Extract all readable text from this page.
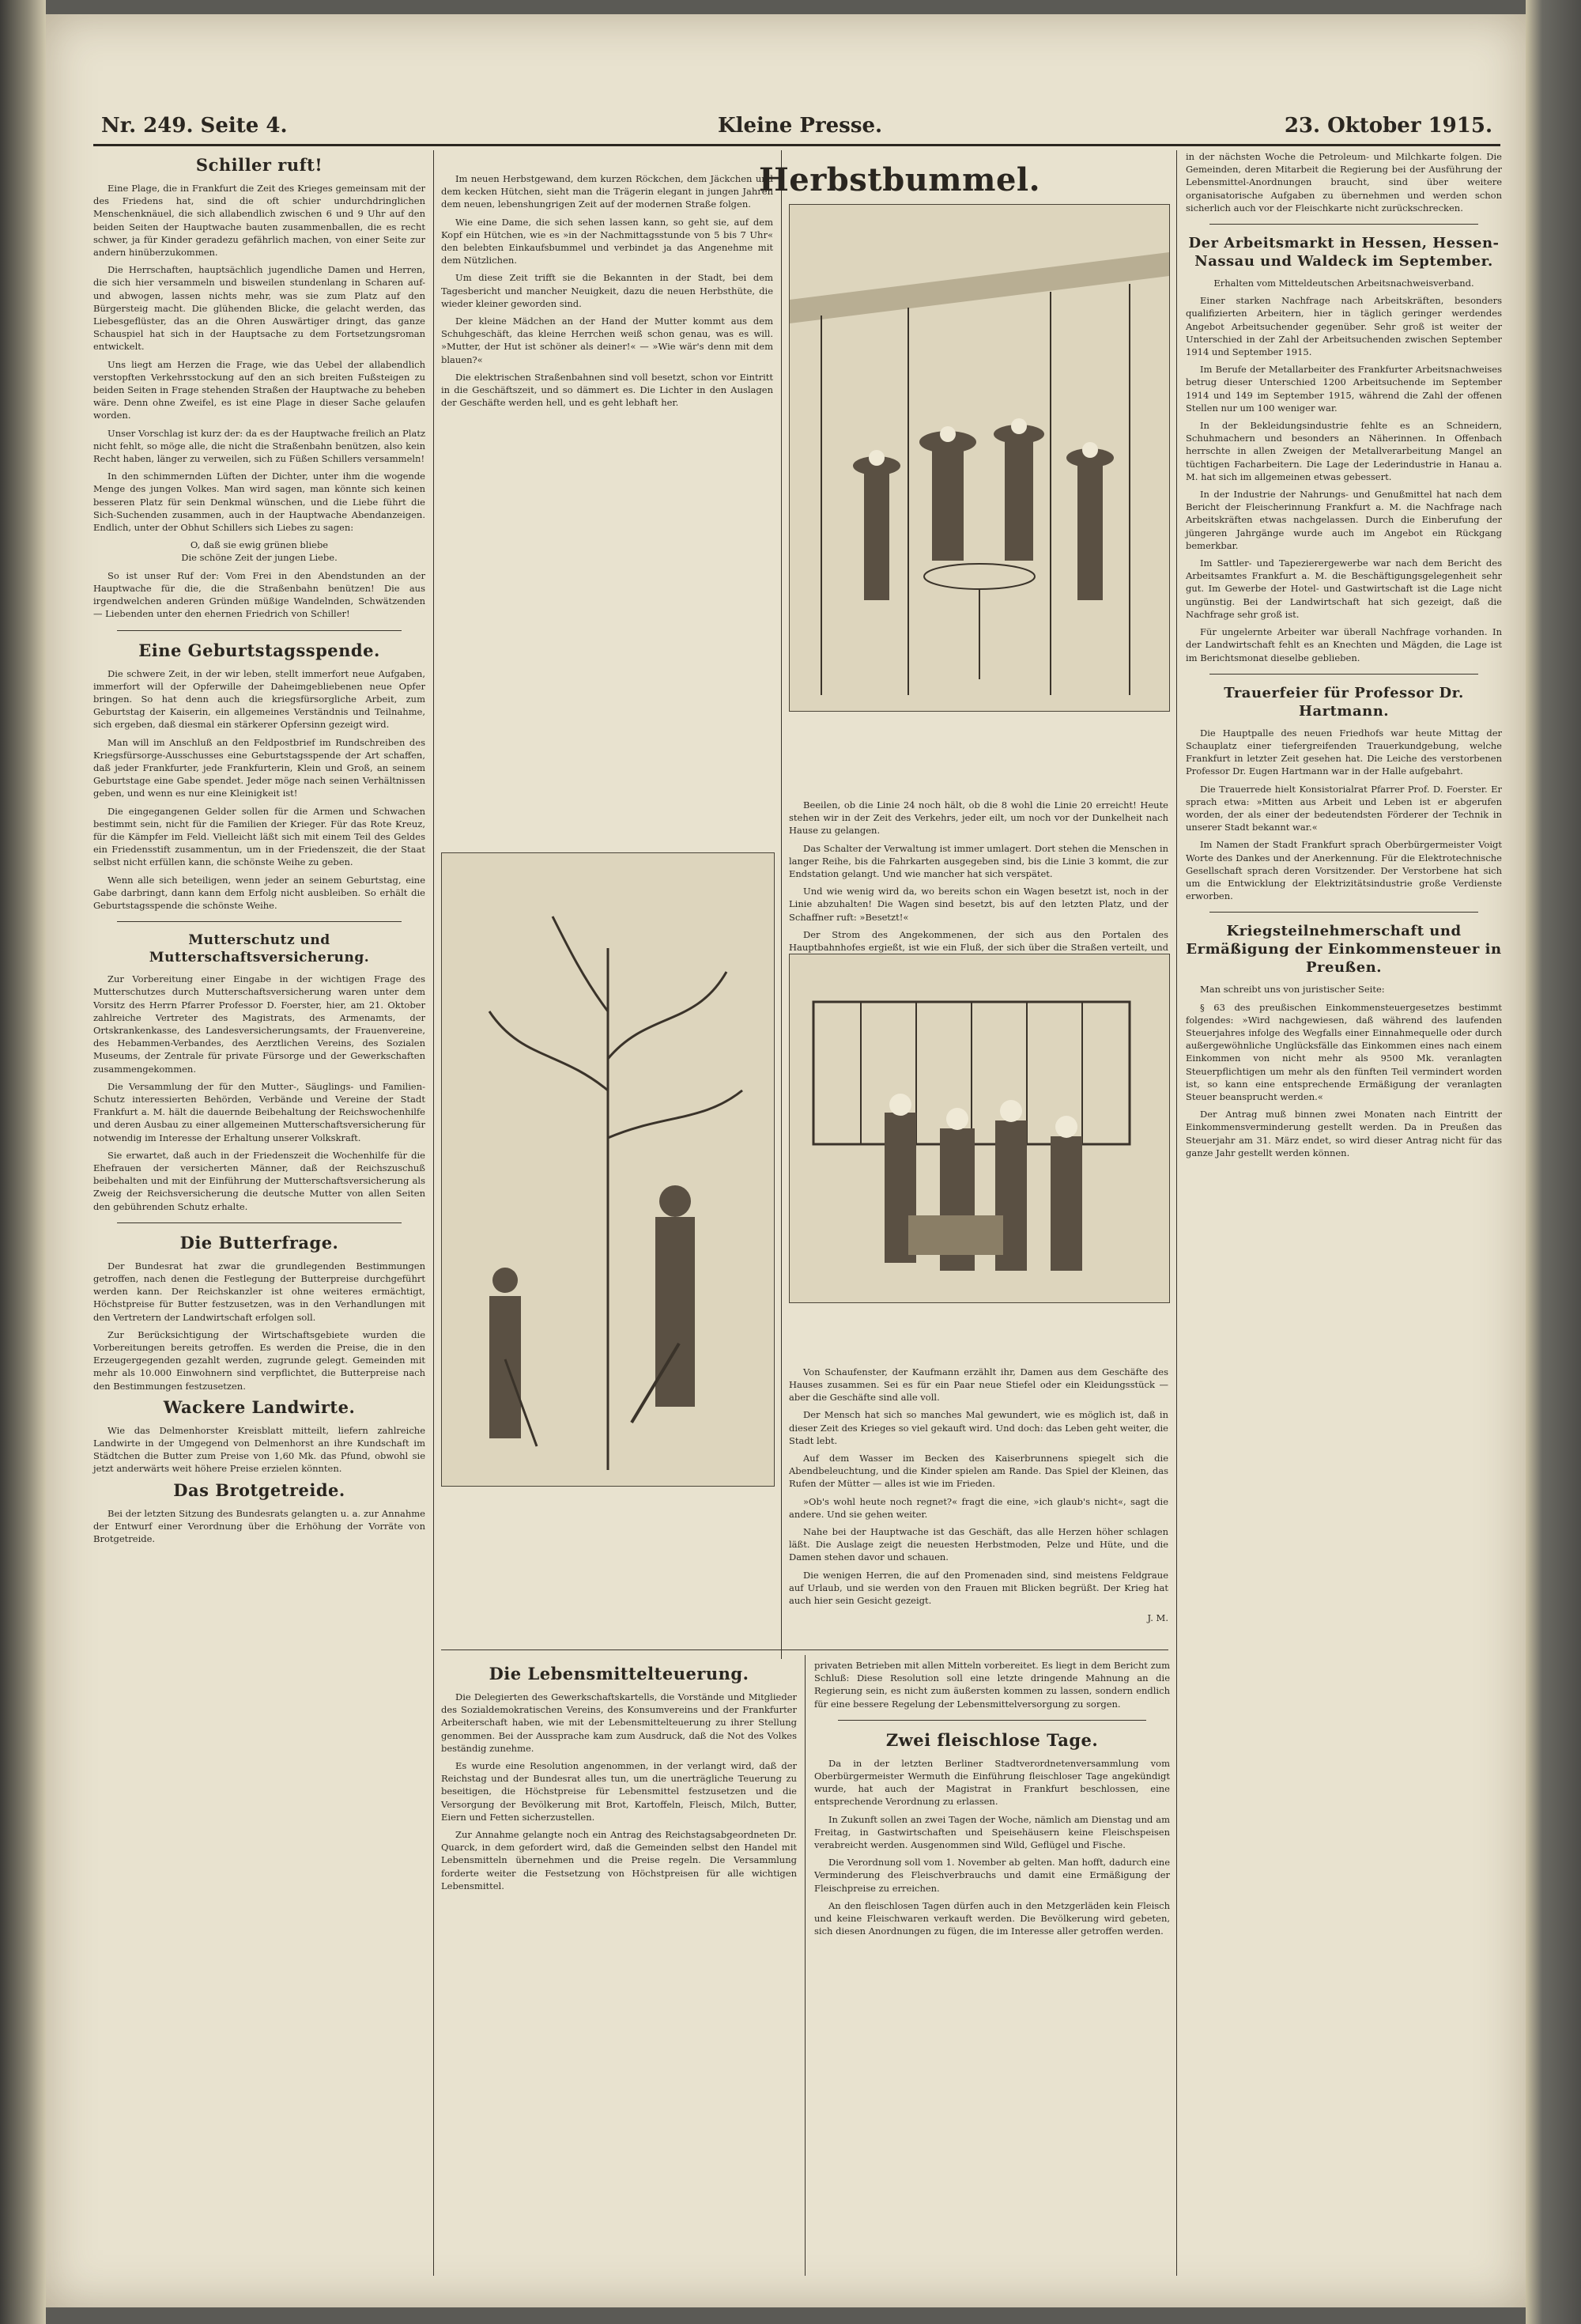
Nr. 249. Seite 4.	Kleine Presse.	23. Oktober 1915.
Schiller ruft!

Eine Plage, die in Frankfurt die Zeit des Krieges gemeinsam mit der des Friedens hat, sind die oft schier undurchdringlichen Menschenknäuel, die sich allabendlich zwischen 6 und 9 Uhr auf den beiden Seiten der Hauptwache bauten zusammenballen, die es recht schwer, ja für Kinder geradezu gefährlich machen, von einer Seite zur andern hinüberzukommen.

Die Herrschaften, hauptsächlich jugendliche Damen und Herren, die sich hier versammeln und bisweilen stundenlang in Scharen auf- und abwogen, lassen nichts mehr, was sie zum Platz auf den Bürgersteig macht. Die glühenden Blicke, die gelacht werden, das Liebesgeflüster, das an die Ohren Auswärtiger dringt, das ganze Schauspiel hat sich in der Hauptsache zu dem Fortsetzungsroman entwickelt.

Uns liegt am Herzen die Frage, wie das Uebel der allabendlich verstopften Verkehrsstockung auf den an sich breiten Fußsteigen zu beiden Seiten in Frage stehenden Straßen der Hauptwache zu beheben wäre. Denn ohne Zweifel, es ist eine Plage in dieser Sache gelaufen worden.

Unser Vorschlag ist kurz der: da es der Hauptwache freilich an Platz nicht fehlt, so möge alle, die nicht die Straßenbahn benützen, also kein Recht haben, länger zu verweilen, sich zu Füßen Schillers versammeln!

In den schimmernden Lüften der Dichter, unter ihm die wogende Menge des jungen Volkes. Man wird sagen, man könnte sich keinen besseren Platz für sein Denkmal wünschen, und die Liebe führt die Sich-Suchenden zusammen, auch in der Hauptwache Abendanzeigen. Endlich, unter der Obhut Schillers sich Liebes zu sagen:

O, daß sie ewig grünen bliebe

Die schöne Zeit der jungen Liebe.

So ist unser Ruf der: Vom Frei in den Abendstunden an der Hauptwache für die, die die Straßenbahn benützen! Die aus irgendwelchen anderen Gründen müßige Wandelnden, Schwätzenden — Liebenden unter den ehernen Friedrich von Schiller!

Eine Geburtstagsspende.

Die schwere Zeit, in der wir leben, stellt immerfort neue Aufgaben, immerfort will der Opferwille der Daheimgebliebenen neue Opfer bringen. So hat denn auch die kriegsfürsorgliche Arbeit, zum Geburtstag der Kaiserin, ein allgemeines Verständnis und Teilnahme, sich ergeben, daß diesmal ein stärkerer Opfersinn gezeigt wird.

Man will im Anschluß an den Feldpostbrief im Rundschreiben des Kriegsfürsorge-Ausschusses eine Geburtstagsspende der Art schaffen, daß jeder Frankfurter, jede Frankfurterin, Klein und Groß, an seinem Geburtstage eine Gabe spendet. Jeder möge nach seinen Verhältnissen geben, und wenn es nur eine Kleinigkeit ist!

Die eingegangenen Gelder sollen für die Armen und Schwachen bestimmt sein, nicht für die Familien der Krieger. Für das Rote Kreuz, für die Kämpfer im Feld. Vielleicht läßt sich mit einem Teil des Geldes ein Friedensstift zusammentun, um in der Friedenszeit, die der Staat selbst nicht erfüllen kann, die schönste Weihe zu geben.

Wenn alle sich beteiligen, wenn jeder an seinem Geburtstag, eine Gabe darbringt, dann kann dem Erfolg nicht ausbleiben. So erhält die Geburtstagsspende die schönste Weihe.

Mutterschutz und Mutterschaftsversicherung.

Zur Vorbereitung einer Eingabe in der wichtigen Frage des Mutterschutzes durch Mutterschaftsversicherung waren unter dem Vorsitz des Herrn Pfarrer Professor D. Foerster, hier, am 21. Oktober zahlreiche Vertreter des Magistrats, des Armenamts, der Ortskrankenkasse, des Landesversicherungsamts, der Frauenvereine, des Hebammen-Verbandes, des Aerztlichen Vereins, des Sozialen Museums, der Zentrale für private Fürsorge und der Gewerkschaften zusammengekommen.

Die Versammlung der für den Mutter-, Säuglings- und Familien-Schutz interessierten Behörden, Verbände und Vereine der Stadt Frankfurt a. M. hält die dauernde Beibehaltung der Reichswochenhilfe und deren Ausbau zu einer allgemeinen Mutterschaftsversicherung für notwendig im Interesse der Erhaltung unserer Volkskraft.

Sie erwartet, daß auch in der Friedenszeit die Wochenhilfe für die Ehefrauen der versicherten Männer, daß der Reichszuschuß beibehalten und mit der Einführung der Mutterschaftsversicherung als Zweig der Reichsversicherung die deutsche Mutter von allen Seiten den gebührenden Schutz erhalte.

Die Butterfrage.

Der Bundesrat hat zwar die grundlegenden Bestimmungen getroffen, nach denen die Festlegung der Butterpreise durchgeführt werden kann. Der Reichskanzler ist ohne weiteres ermächtigt, Höchstpreise für Butter festzusetzen, was in den Verhandlungen mit den Vertretern der Landwirtschaft erfolgen soll.

Zur Berücksichtigung der Wirtschaftsgebiete wurden die Vorbereitungen bereits getroffen. Es werden die Preise, die in den Erzeugergegenden gezahlt werden, zugrunde gelegt. Gemeinden mit mehr als 10.000 Einwohnern sind verpflichtet, die Butterpreise nach den Bestimmungen festzusetzen.

Wackere Landwirte.

Wie das Delmenhorster Kreisblatt mitteilt, liefern zahlreiche Landwirte in der Umgegend von Delmenhorst an ihre Kundschaft im Städtchen die Butter zum Preise von 1,60 Mk. das Pfund, obwohl sie jetzt anderwärts weit höhere Preise erzielen könnten.

Das Brotgetreide.

Bei der letzten Sitzung des Bundesrats gelangten u. a. zur Annahme der Entwurf einer Verordnung über die Erhöhung der Vorräte von Brotgetreide.

Im neuen Herbstgewand, dem kurzen Röckchen, dem Jäckchen und dem kecken Hütchen, sieht man die Trägerin elegant in jungen Jahren dem neuen, lebenshungrigen Zeit auf der modernen Straße folgen.

Wie eine Dame, die sich sehen lassen kann, so geht sie, auf dem Kopf ein Hütchen, wie es »in der Nachmittagsstunde von 5 bis 7 Uhr« den belebten Einkaufsbummel und verbindet ja das Angenehme mit dem Nützlichen.

Um diese Zeit trifft sie die Bekannten in der Stadt, bei dem Tagesbericht und mancher Neuigkeit, dazu die neuen Herbsthüte, die wieder kleiner geworden sind.

Der kleine Mädchen an der Hand der Mutter kommt aus dem Schuhgeschäft, das kleine Herrchen weiß schon genau, was es will. »Mutter, der Hut ist schöner als deiner!« — »Wie wär's denn mit dem blauen?«

Die elektrischen Straßenbahnen sind voll besetzt, schon vor Eintritt in die Geschäftszeit, und so dämmert es. Die Lichter in den Auslagen der Geschäfte werden hell, und es geht lebhaft her.

Herbstbummel.

Beeilen, ob die Linie 24 noch hält, ob die 8 wohl die Linie 20 erreicht! Heute stehen wir in der Zeit des Verkehrs, jeder eilt, um noch vor der Dunkelheit nach Hause zu gelangen.

Das Schalter der Verwaltung ist immer umlagert. Dort stehen die Menschen in langer Reihe, bis die Fahrkarten ausgegeben sind, bis die Linie 3 kommt, die zur Endstation gelangt. Und wie mancher hat sich verspätet.

Und wie wenig wird da, wo bereits schon ein Wagen besetzt ist, noch in der Linie abzuhalten! Die Wagen sind besetzt, bis auf den letzten Platz, und der Schaffner ruft: »Besetzt!«

Der Strom des Angekommenen, der sich aus den Portalen des Hauptbahnhofes ergießt, ist wie ein Fluß, der sich über die Straßen verteilt, und

Von Schaufenster, der Kaufmann erzählt ihr, Damen aus dem Geschäfte des Hauses zusammen. Sei es für ein Paar neue Stiefel oder ein Kleidungsstück — aber die Geschäfte sind alle voll.

Der Mensch hat sich so manches Mal gewundert, wie es möglich ist, daß in dieser Zeit des Krieges so viel gekauft wird. Und doch: das Leben geht weiter, die Stadt lebt.

Auf dem Wasser im Becken des Kaiserbrunnens spiegelt sich die Abendbeleuchtung, und die Kinder spielen am Rande. Das Spiel der Kleinen, das Rufen der Mütter — alles ist wie im Frieden.

»Ob's wohl heute noch regnet?« fragt die eine, »ich glaub's nicht«, sagt die andere. Und sie gehen weiter.

Nahe bei der Hauptwache ist das Geschäft, das alle Herzen höher schlagen läßt. Die Auslage zeigt die neuesten Herbstmoden, Pelze und Hüte, und die Damen stehen davor und schauen.

Die wenigen Herren, die auf den Promenaden sind, sind meistens Feldgraue auf Urlaub, und sie werden von den Frauen mit Blicken begrüßt. Der Krieg hat auch hier sein Gesicht gezeigt.

J. M.

in der nächsten Woche die Petroleum- und Milchkarte folgen. Die Gemeinden, deren Mitarbeit die Regierung bei der Ausführung der Lebensmittel-Anordnungen braucht, sind über weitere organisatorische Aufgaben zu übernehmen und werden schon sicherlich auch vor der Fleischkarte nicht zurückschrecken.

Der Arbeitsmarkt in Hessen, Hessen-Nassau und Waldeck im September.

Erhalten vom Mitteldeutschen Arbeitsnachweisverband.

Einer starken Nachfrage nach Arbeitskräften, besonders qualifizierten Arbeitern, hier in täglich geringer werdendes Angebot Arbeitsuchender gegenüber. Sehr groß ist weiter der Unterschied in der Zahl der Arbeitsuchenden zwischen September 1914 und September 1915.

Im Berufe der Metallarbeiter des Frankfurter Arbeitsnachweises betrug dieser Unterschied 1200 Arbeitsuchende im September 1914 und 149 im September 1915, während die Zahl der offenen Stellen nur um 100 weniger war.

In der Bekleidungsindustrie fehlte es an Schneidern, Schuhmachern und besonders an Näherinnen. In Offenbach herrschte in allen Zweigen der Metallverarbeitung Mangel an tüchtigen Facharbeitern. Die Lage der Lederindustrie in Hanau a. M. hat sich im allgemeinen etwas gebessert.

In der Industrie der Nahrungs- und Genußmittel hat nach dem Bericht der Fleischerinnung Frankfurt a. M. die Nachfrage nach Arbeitskräften etwas nachgelassen. Durch die Einberufung der jüngeren Jahrgänge wurde auch im Angebot ein Rückgang bemerkbar.

Im Sattler- und Tapezierergewerbe war nach dem Bericht des Arbeitsamtes Frankfurt a. M. die Beschäftigungsgelegenheit sehr gut. Im Gewerbe der Hotel- und Gastwirtschaft ist die Lage nicht ungünstig. Bei der Landwirtschaft hat sich gezeigt, daß die Nachfrage sehr groß ist.

Für ungelernte Arbeiter war überall Nachfrage vorhanden. In der Landwirtschaft fehlt es an Knechten und Mägden, die Lage ist im Berichtsmonat dieselbe geblieben.

Trauerfeier für Professor Dr. Hartmann.

Die Hauptpalle des neuen Friedhofs war heute Mittag der Schauplatz einer tiefergreifenden Trauerkundgebung, welche Frankfurt in letzter Zeit gesehen hat. Die Leiche des verstorbenen Professor Dr. Eugen Hartmann war in der Halle aufgebahrt.

Die Trauerrede hielt Konsistorialrat Pfarrer Prof. D. Foerster. Er sprach etwa: »Mitten aus Arbeit und Leben ist er abgerufen worden, der als einer der bedeutendsten Förderer der Technik in unserer Stadt bekannt war.«

Im Namen der Stadt Frankfurt sprach Oberbürgermeister Voigt Worte des Dankes und der Anerkennung. Für die Elektrotechnische Gesellschaft sprach deren Vorsitzender. Der Verstorbene hat sich um die Entwicklung der Elektrizitätsindustrie große Verdienste erworben.

Kriegsteilnehmerschaft und Ermäßigung der Einkommensteuer in Preußen.

Man schreibt uns von juristischer Seite:

§ 63 des preußischen Einkommensteuergesetzes bestimmt folgendes: »Wird nachgewiesen, daß während des laufenden Steuerjahres infolge des Wegfalls einer Einnahmequelle oder durch außergewöhnliche Unglücksfälle das Einkommen eines nach einem Einkommen von nicht mehr als 9500 Mk. veranlagten Steuerpflichtigen um mehr als den fünften Teil vermindert worden ist, so kann eine entsprechende Ermäßigung der veranlagten Steuer beansprucht werden.«

Der Antrag muß binnen zwei Monaten nach Eintritt der Einkommensverminderung gestellt werden. Da in Preußen das Steuerjahr am 31. März endet, so wird dieser Antrag nicht für das ganze Jahr gestellt werden können.

Die Lebensmittelteuerung.

Die Delegierten des Gewerkschaftskartells, die Vorstände und Mitglieder des Sozialdemokratischen Vereins, des Konsumvereins und der Frankfurter Arbeiterschaft haben, wie mit der Lebensmittelteuerung zu ihrer Stellung genommen. Bei der Aussprache kam zum Ausdruck, daß die Not des Volkes beständig zunehme.

Es wurde eine Resolution angenommen, in der verlangt wird, daß der Reichstag und der Bundesrat alles tun, um die unerträgliche Teuerung zu beseitigen, die Höchstpreise für Lebensmittel festzusetzen und die Versorgung der Bevölkerung mit Brot, Kartoffeln, Fleisch, Milch, Butter, Eiern und Fetten sicherzustellen.

Zur Annahme gelangte noch ein Antrag des Reichstagsabgeordneten Dr. Quarck, in dem gefordert wird, daß die Gemeinden selbst den Handel mit Lebensmitteln übernehmen und die Preise regeln. Die Versammlung forderte weiter die Festsetzung von Höchstpreisen für alle wichtigen Lebensmittel.

privaten Betrieben mit allen Mitteln vorbereitet. Es liegt in dem Bericht zum Schluß: Diese Resolution soll eine letzte dringende Mahnung an die Regierung sein, es nicht zum äußersten kommen zu lassen, sondern endlich für eine bessere Regelung der Lebensmittelversorgung zu sorgen.

Zwei fleischlose Tage.

Da in der letzten Berliner Stadtverordnetenversammlung vom Oberbürgermeister Wermuth die Einführung fleischloser Tage angekündigt wurde, hat auch der Magistrat in Frankfurt beschlossen, eine entsprechende Verordnung zu erlassen.

In Zukunft sollen an zwei Tagen der Woche, nämlich am Dienstag und am Freitag, in Gastwirtschaften und Speisehäusern keine Fleischspeisen verabreicht werden. Ausgenommen sind Wild, Geflügel und Fische.

Die Verordnung soll vom 1. November ab gelten. Man hofft, dadurch eine Verminderung des Fleischverbrauchs und damit eine Ermäßigung der Fleischpreise zu erreichen.

An den fleischlosen Tagen dürfen auch in den Metzgerläden kein Fleisch und keine Fleischwaren verkauft werden. Die Bevölkerung wird gebeten, sich diesen Anordnungen zu fügen, die im Interesse aller getroffen werden.
